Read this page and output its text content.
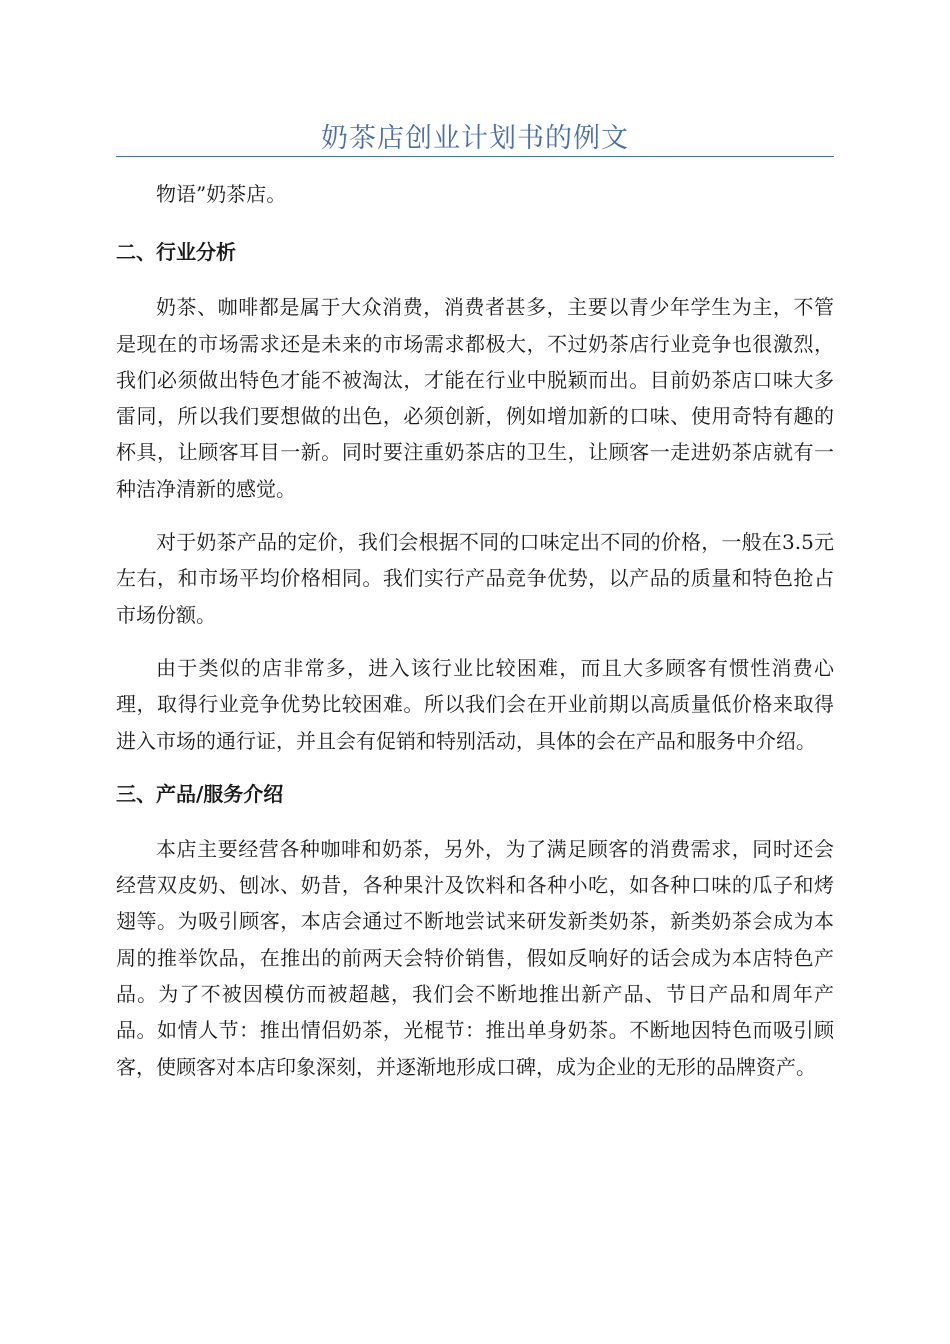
奶茶店创业计划书的例文

物语”奶茶店。

二、行业分析

奶茶、咖啡都是属于大众消费，消费者甚多，主要以青少年学生为主，不管是现在的市场需求还是未来的市场需求都极大，不过奶茶店行业竞争也很激烈，我们必须做出特色才能不被淘汰，才能在行业中脱颖而出。目前奶茶店口味大多雷同，所以我们要想做的出色，必须创新，例如增加新的口味、使用奇特有趣的杯具，让顾客耳目一新。同时要注重奶茶店的卫生，让顾客一走进奶茶店就有一种洁净清新的感觉。

对于奶茶产品的定价，我们会根据不同的口味定出不同的价格，一般在3.5元左右，和市场平均价格相同。我们实行产品竞争优势，以产品的质量和特色抢占市场份额。

由于类似的店非常多，进入该行业比较困难，而且大多顾客有惯性消费心理，取得行业竞争优势比较困难。所以我们会在开业前期以高质量低价格来取得进入市场的通行证，并且会有促销和特别活动，具体的会在产品和服务中介绍。

三、产品/服务介绍

本店主要经营各种咖啡和奶茶，另外，为了满足顾客的消费需求，同时还会经营双皮奶、刨冰、奶昔，各种果汁及饮料和各种小吃，如各种口味的瓜子和烤翅等。为吸引顾客，本店会通过不断地尝试来研发新类奶茶，新类奶茶会成为本周的推举饮品，在推出的前两天会特价销售，假如反响好的话会成为本店特色产品。为了不被因模仿而被超越，我们会不断地推出新产品、节日产品和周年产品。如情人节：推出情侣奶茶，光棍节：推出单身奶茶。不断地因特色而吸引顾客，使顾客对本店印象深刻，并逐渐地形成口碑，成为企业的无形的品牌资产。
